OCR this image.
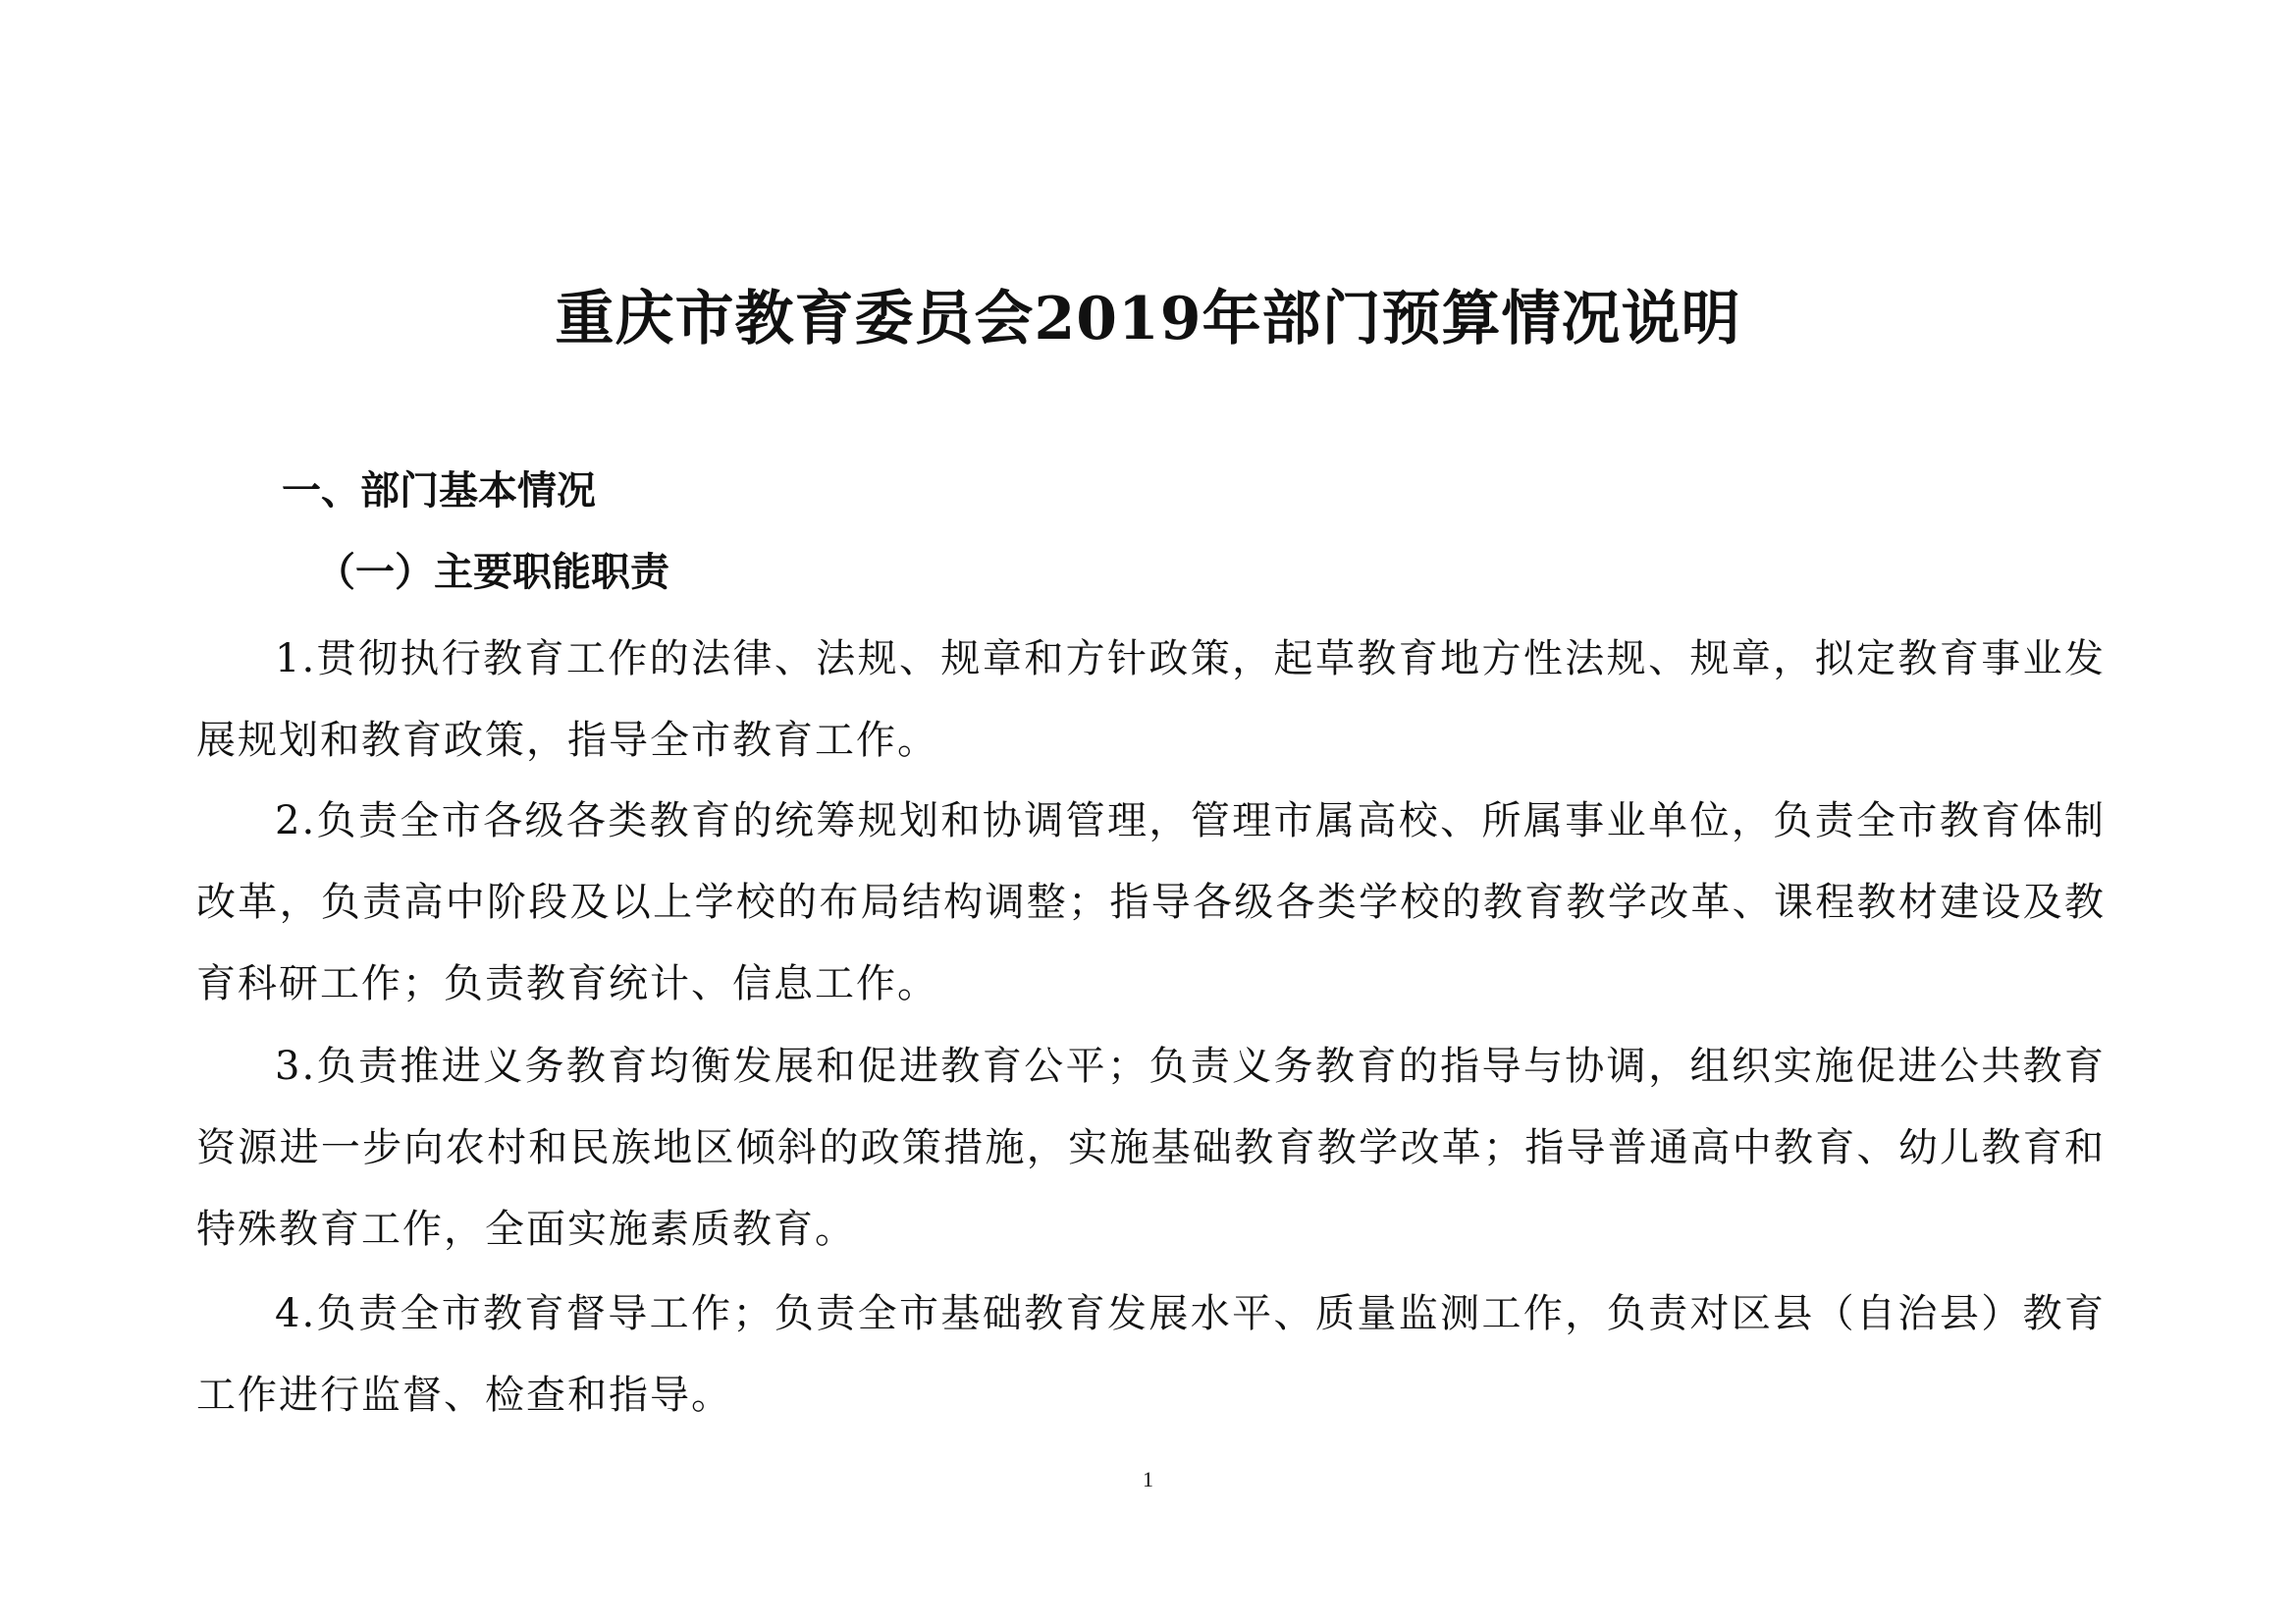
重庆市教育委员会2019年部门预算情况说明
一、部门基本情况
（一）主要职能职责

1.贯彻执行教育工作的法律、法规、规章和方针政策，起草教育地方性法规、规章，拟定教育事业发展规划和教育政策，指导全市教育工作。

2.负责全市各级各类教育的统筹规划和协调管理，管理市属高校、所属事业单位，负责全市教育体制改革，负责高中阶段及以上学校的布局结构调整；指导各级各类学校的教育教学改革、课程教材建设及教育科研工作；负责教育统计、信息工作。

3.负责推进义务教育均衡发展和促进教育公平；负责义务教育的指导与协调，组织实施促进公共教育资源进一步向农村和民族地区倾斜的政策措施，实施基础教育教学改革；指导普通高中教育、幼儿教育和特殊教育工作，全面实施素质教育。

4.负责全市教育督导工作；负责全市基础教育发展水平、质量监测工作，负责对区县（自治县）教育工作进行监督、检查和指导。

1
